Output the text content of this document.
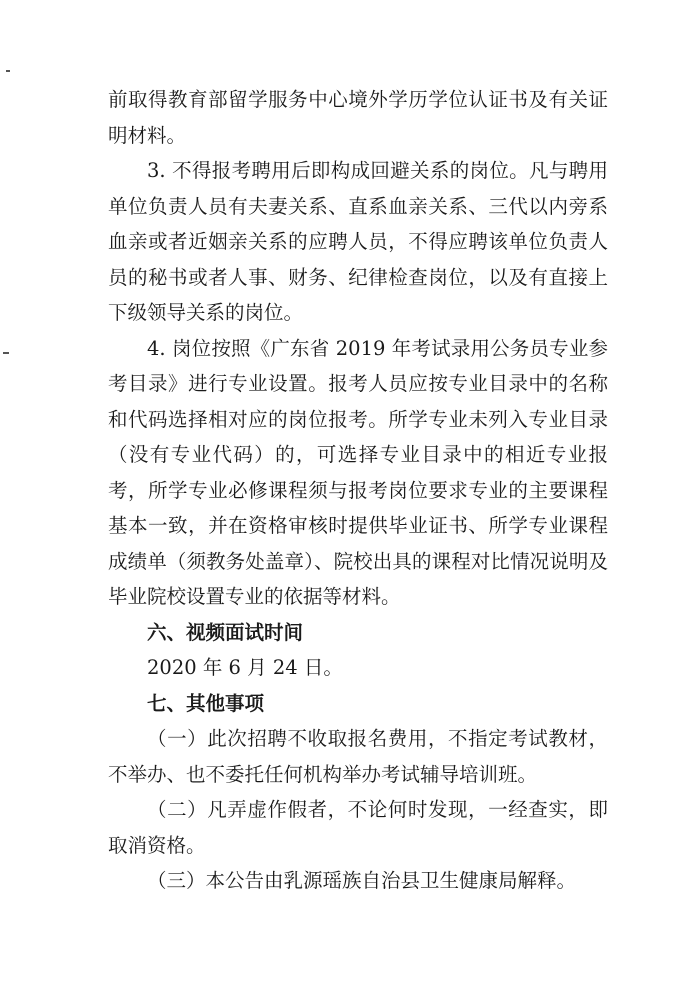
前取得教育部留学服务中心境外学历学位认证书及有关证明材料。

3. 不得报考聘用后即构成回避关系的岗位。凡与聘用单位负责人员有夫妻关系、直系血亲关系、三代以内旁系血亲或者近姻亲关系的应聘人员，不得应聘该单位负责人员的秘书或者人事、财务、纪律检查岗位，以及有直接上下级领导关系的岗位。

4. 岗位按照《广东省 2019 年考试录用公务员专业参考目录》进行专业设置。报考人员应按专业目录中的名称和代码选择相对应的岗位报考。所学专业未列入专业目录（没有专业代码）的，可选择专业目录中的相近专业报考，所学专业必修课程须与报考岗位要求专业的主要课程基本一致，并在资格审核时提供毕业证书、所学专业课程成绩单（须教务处盖章）、院校出具的课程对比情况说明及毕业院校设置专业的依据等材料。

六、视频面试时间

2020 年 6 月 24 日。

七、其他事项

（一）此次招聘不收取报名费用，不指定考试教材，不举办、也不委托任何机构举办考试辅导培训班。

（二）凡弄虚作假者，不论何时发现，一经查实，即取消资格。

（三）本公告由乳源瑶族自治县卫生健康局解释。
